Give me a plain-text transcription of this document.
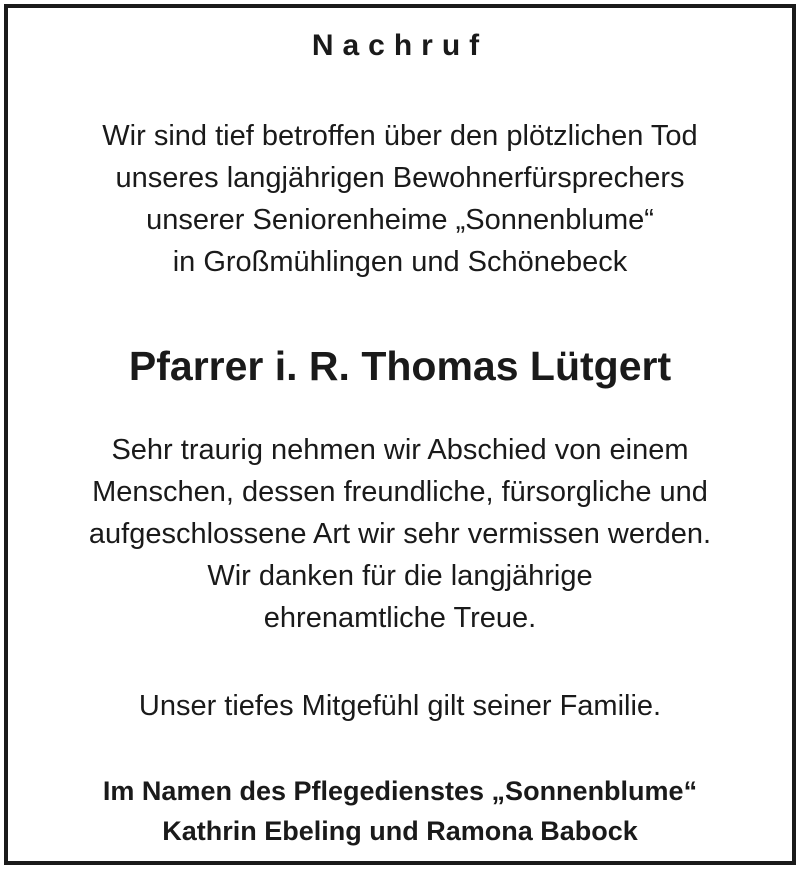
Nachruf
Wir sind tief betroffen über den plötzlichen Tod
unseres langjährigen Bewohnerfürsprechers
unserer Seniorenheime „Sonnenblume“
in Großmühlingen und Schönebeck
Pfarrer i. R. Thomas Lütgert
Sehr traurig nehmen wir Abschied von einem
Menschen, dessen freundliche, fürsorgliche und
aufgeschlossene Art wir sehr vermissen werden.
Wir danken für die langjährige
ehrenamtliche Treue.
Unser tiefes Mitgefühl gilt seiner Familie.
Im Namen des Pflegedienstes „Sonnenblume“
Kathrin Ebeling und Ramona Babock
